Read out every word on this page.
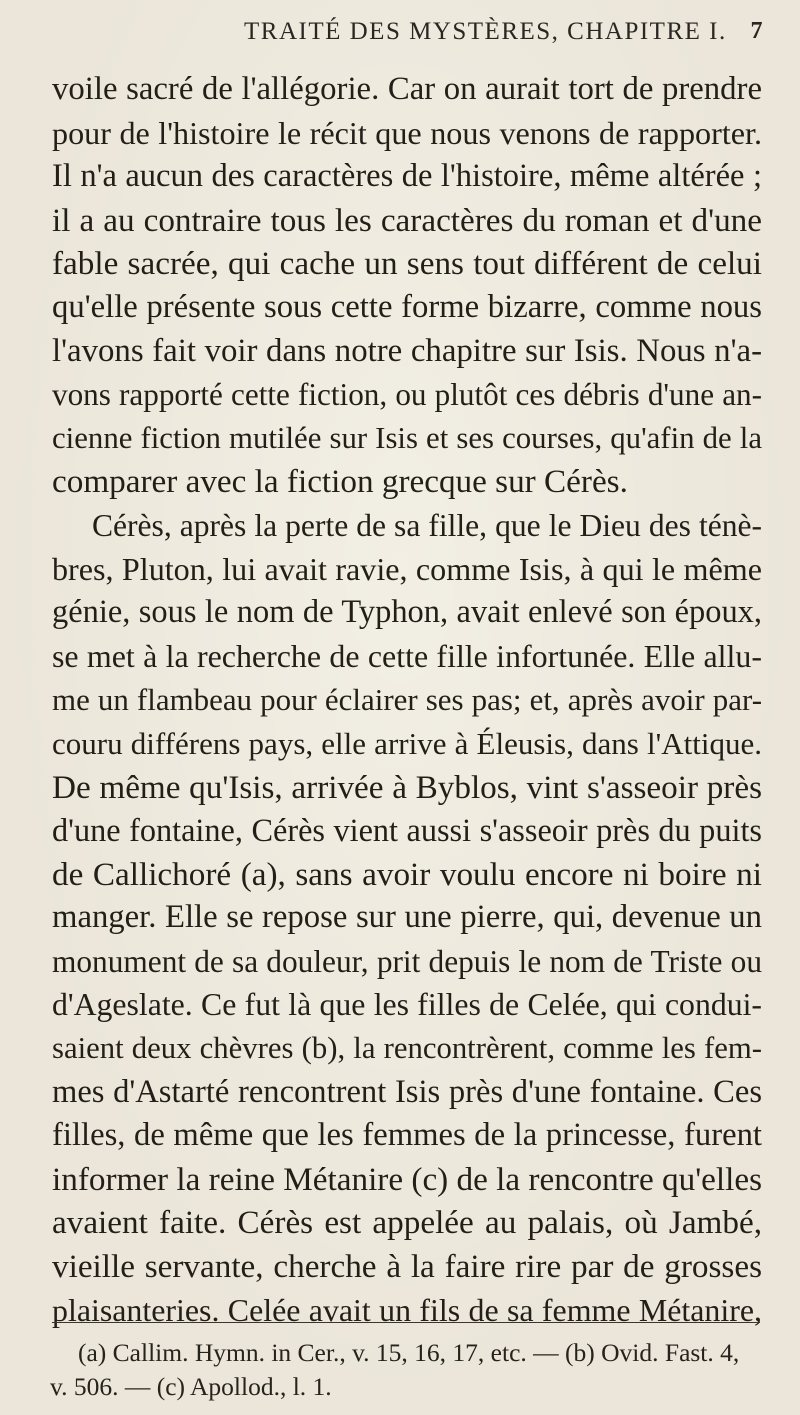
TRAITÉ DES MYSTÈRES, CHAPITRE I. 7
voile sacré de l'allégorie. Car on aurait tort de prendre
pour de l'histoire le récit que nous venons de rapporter.
Il n'a aucun des caractères de l'histoire, même altérée ;
il a au contraire tous les caractères du roman et d'une
fable sacrée, qui cache un sens tout différent de celui
qu'elle présente sous cette forme bizarre, comme nous
l'avons fait voir dans notre chapitre sur Isis. Nous n'a-
vons rapporté cette fiction, ou plutôt ces débris d'une an-
cienne fiction mutilée sur Isis et ses courses, qu'afin de la
comparer avec la fiction grecque sur Cérès.
Cérès, après la perte de sa fille, que le Dieu des ténè-
bres, Pluton, lui avait ravie, comme Isis, à qui le même
génie, sous le nom de Typhon, avait enlevé son époux,
se met à la recherche de cette fille infortunée. Elle allu-
me un flambeau pour éclairer ses pas; et, après avoir par-
couru différens pays, elle arrive à Éleusis, dans l'Attique.
De même qu'Isis, arrivée à Byblos, vint s'asseoir près
d'une fontaine, Cérès vient aussi s'asseoir près du puits
de Callichoré (a), sans avoir voulu encore ni boire ni
manger. Elle se repose sur une pierre, qui, devenue un
monument de sa douleur, prit depuis le nom de Triste ou
d'Ageslate. Ce fut là que les filles de Celée, qui condui-
saient deux chèvres (b), la rencontrèrent, comme les fem-
mes d'Astarté rencontrent Isis près d'une fontaine. Ces
filles, de même que les femmes de la princesse, furent
informer la reine Métanire (c) de la rencontre qu'elles
avaient faite. Cérès est appelée au palais, où Jambé,
vieille servante, cherche à la faire rire par de grosses
plaisanteries. Celée avait un fils de sa femme Métanire,
(a) Callim. Hymn. in Cer., v. 15, 16, 17, etc. — (b) Ovid. Fast. 4,
v. 506. — (c) Apollod., l. 1.
